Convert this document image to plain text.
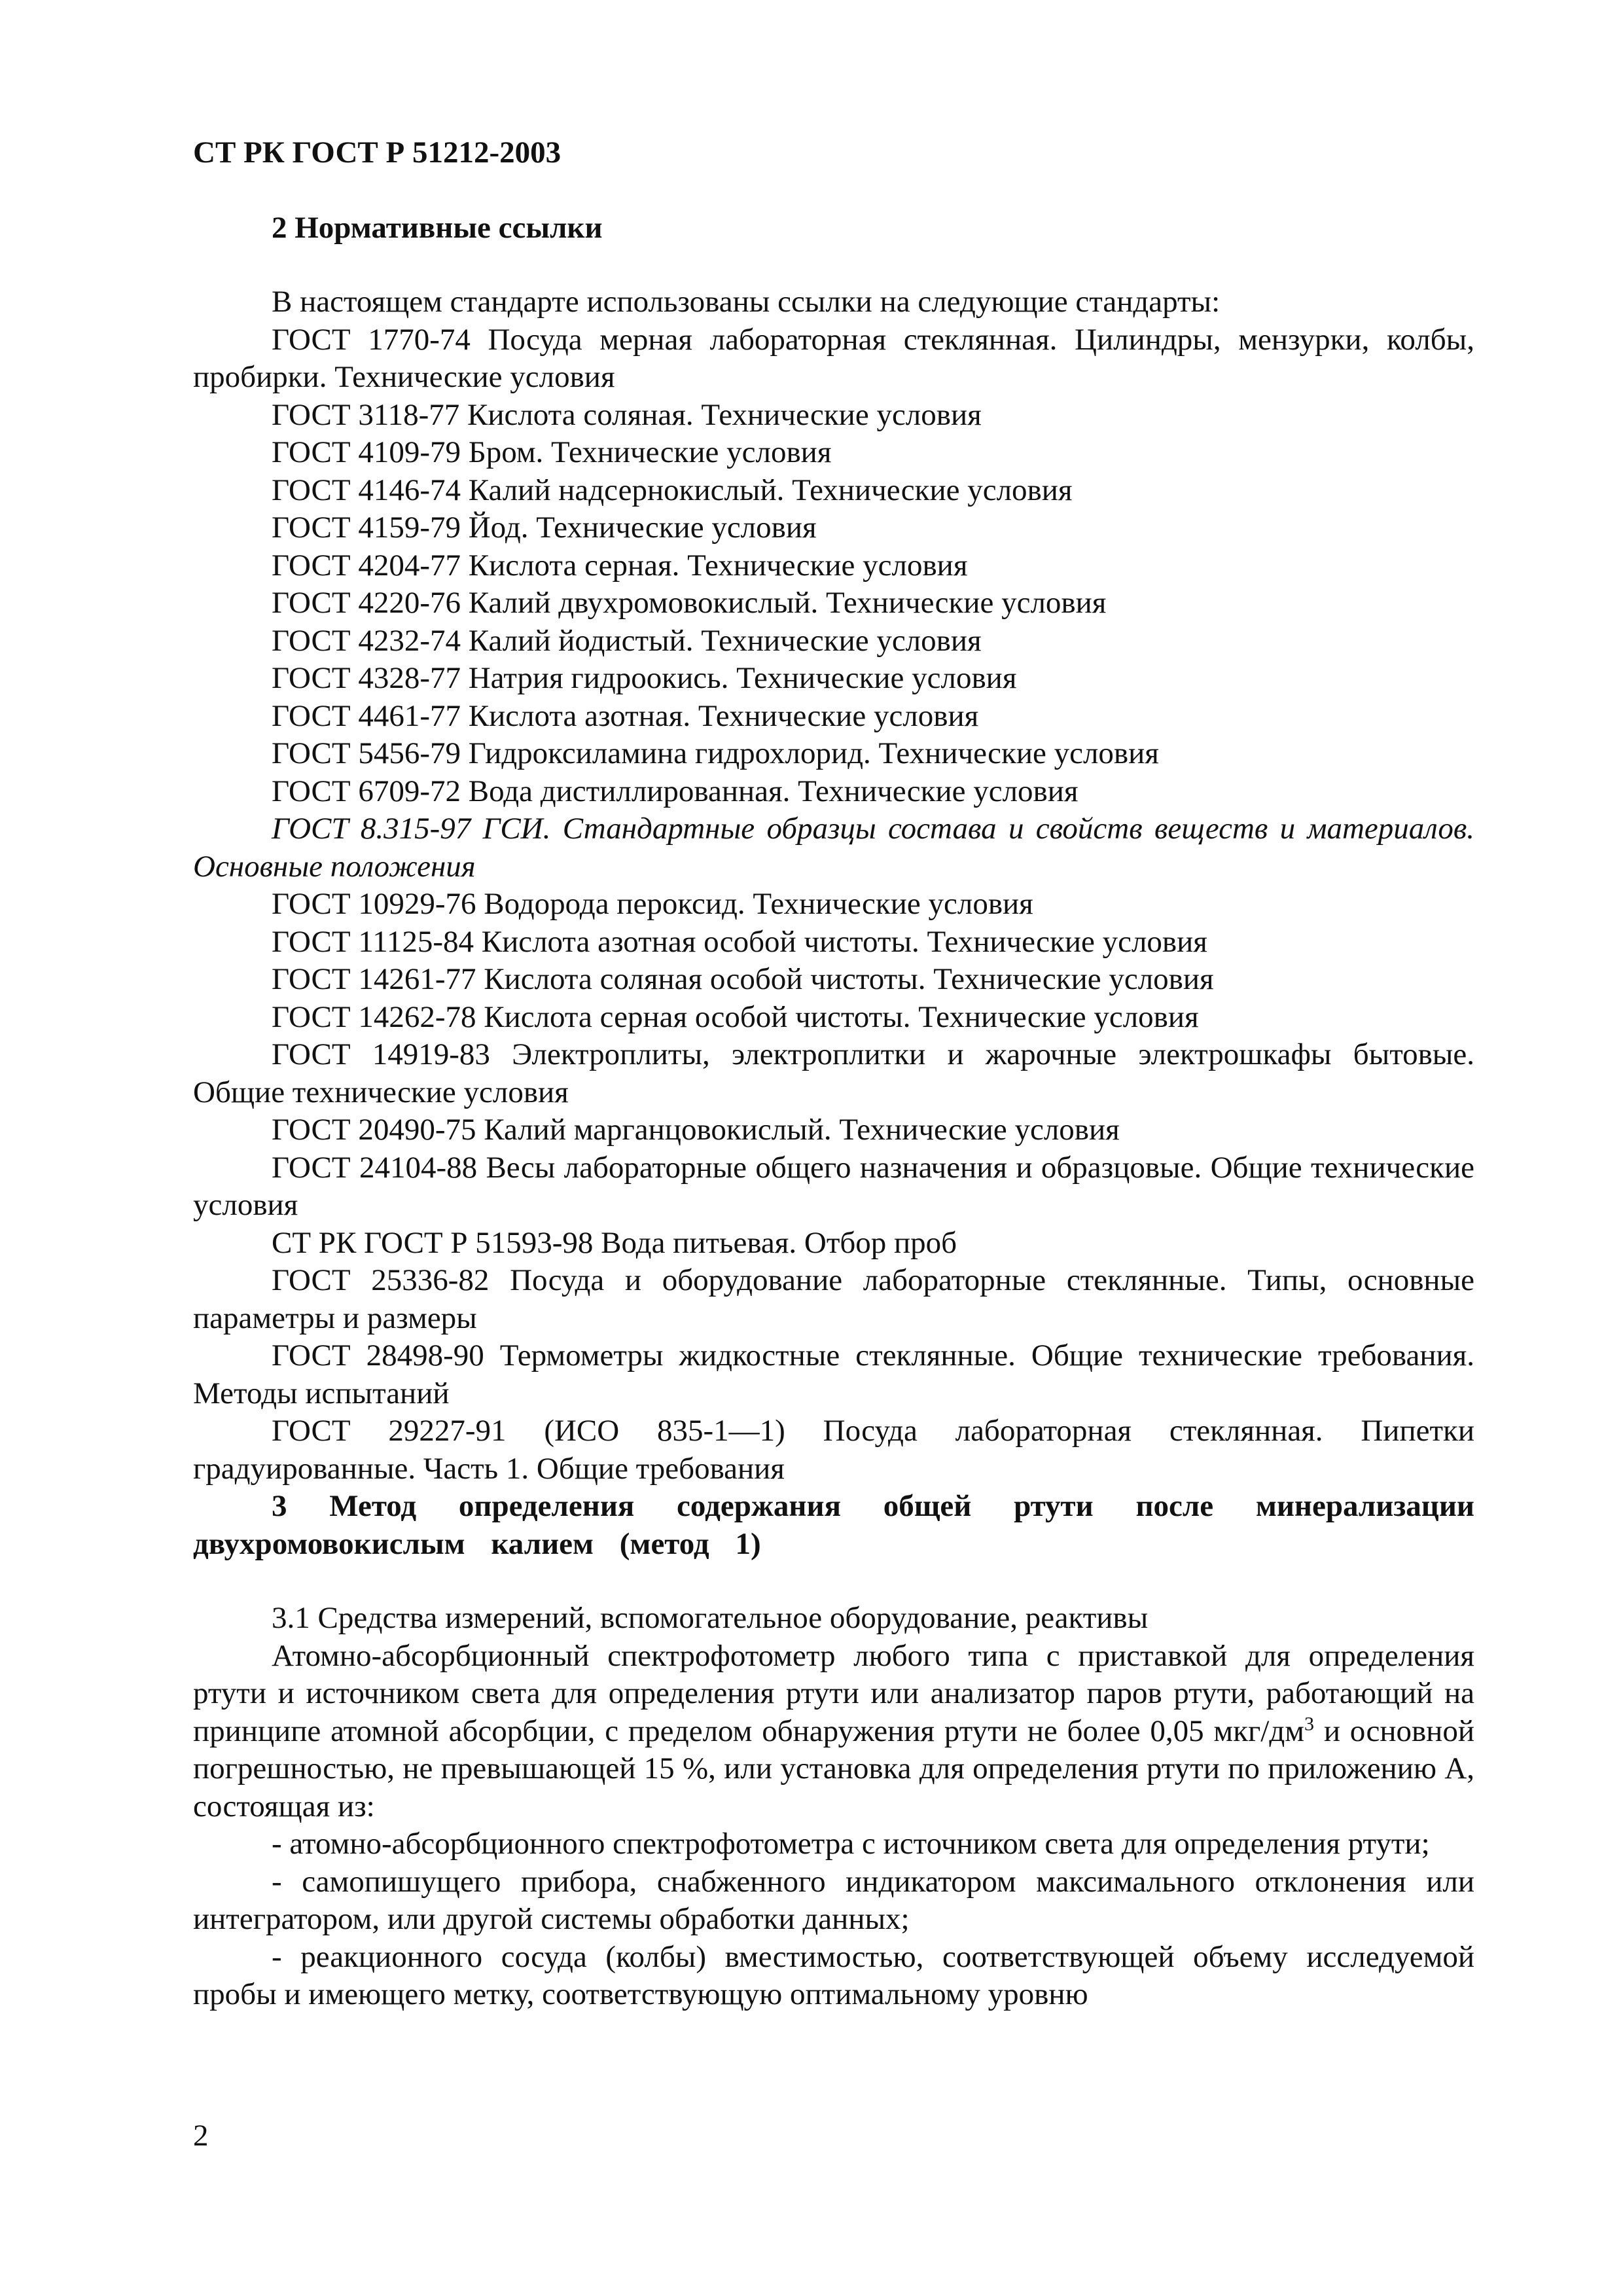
СТ РК ГОСТ Р 51212-2003

2 Нормативные ссылки

В настоящем стандарте использованы ссылки на следующие стандарты:

ГОСТ 1770-74 Посуда мерная лабораторная стеклянная. Цилиндры, мензурки, колбы, пробирки. Технические условия

ГОСТ 3118-77 Кислота соляная. Технические условия

ГОСТ 4109-79 Бром. Технические условия

ГОСТ 4146-74 Калий надсернокислый. Технические условия

ГОСТ 4159-79 Йод. Технические условия

ГОСТ 4204-77 Кислота серная. Технические условия

ГОСТ 4220-76 Калий двухромовокислый. Технические условия

ГОСТ 4232-74 Калий йодистый. Технические условия

ГОСТ 4328-77 Натрия гидроокись. Технические условия

ГОСТ 4461-77 Кислота азотная. Технические условия

ГОСТ 5456-79 Гидроксиламина гидрохлорид. Технические условия

ГОСТ 6709-72 Вода дистиллированная. Технические условия

ГОСТ 8.315-97 ГСИ. Стандартные образцы состава и свойств веществ и материалов. Основные положения

ГОСТ 10929-76 Водорода пероксид. Технические условия

ГОСТ 11125-84 Кислота азотная особой чистоты. Технические условия

ГОСТ 14261-77 Кислота соляная особой чистоты. Технические условия

ГОСТ 14262-78 Кислота серная особой чистоты. Технические условия

ГОСТ 14919-83 Электроплиты, электроплитки и жарочные электрошкафы бытовые. Общие технические условия

ГОСТ 20490-75 Калий марганцовокислый. Технические условия

ГОСТ 24104-88 Весы лабораторные общего назначения и образцовые. Общие технические условия

СТ РК ГОСТ Р 51593-98 Вода питьевая. Отбор проб

ГОСТ 25336-82 Посуда и оборудование лабораторные стеклянные. Типы, основные параметры и размеры

ГОСТ 28498-90 Термометры жидкостные стеклянные. Общие технические требования. Методы испытаний

ГОСТ 29227-91 (ИСО 835-1—1) Посуда лабораторная стеклянная. Пипетки градуированные. Часть 1. Общие требования

3 Метод определения содержания общей ртути после минерализации двухромовокислым калием (метод 1)

3.1 Средства измерений, вспомогательное оборудование, реактивы

Атомно-абсорбционный спектрофотометр любого типа с приставкой для определения ртути и источником света для определения ртути или анализатор паров ртути, работающий на принципе атомной абсорбции, с пределом обнаружения ртути не более 0,05 мкг/$дм^3$ и основной погрешностью, не превышающей 15 %, или установка для определения ртути по приложению А, состоящая из:

- атомно-абсорбционного спектрофотометра с источником света для определения ртути;

- самопишущего прибора, снабженного индикатором максимального отклонения или интегратором, или другой системы обработки данных;

- реакционного сосуда (колбы) вместимостью, соответствующей объему исследуемой пробы и имеющего метку, соответствующую оптимальному уровню

2
